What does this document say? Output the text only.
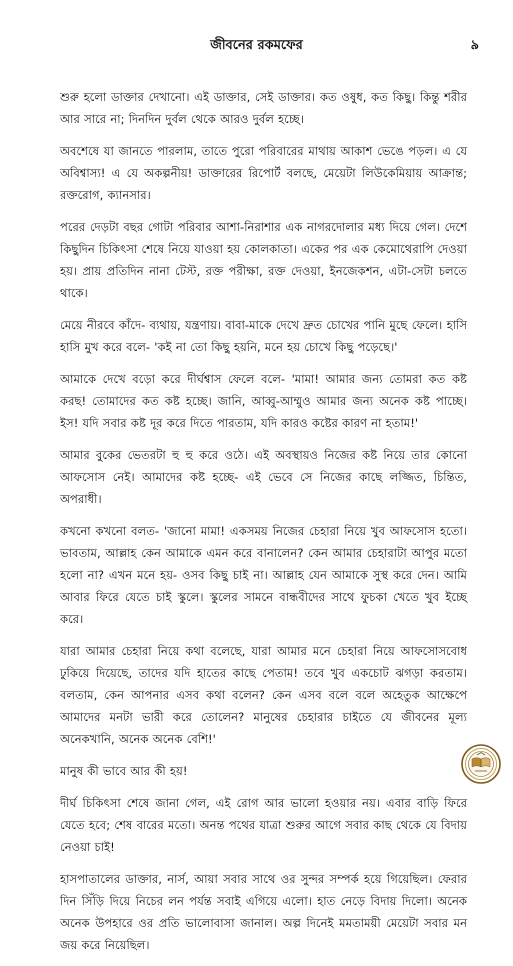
জীবনের রকমফের	৯

শুরু হলো ডাক্তার দেখানো। এই ডাক্তার, সেই ডাক্তার। কত ওষুধ, কত কিছু। কিন্তু শরীর আর সারে না; দিনদিন দুর্বল থেকে আরও দুর্বল হচ্ছে।

অবশেষে যা জানতে পারলাম, তাতে পুরো পরিবারের মাথায় আকাশ ভেঙে পড়ল। এ যে অবিশ্বাস্য! এ যে অকল্পনীয়! ডাক্তারের রিপোর্ট বলছে, মেয়েটা লিউকেমিয়ায় আক্রান্ত; রক্তরোগ, ক্যানসার।

পরের দেড়টা বছর গোটা পরিবার আশা-নিরাশার এক নাগরদোলার মধ্য দিয়ে গেল। দেশে কিছুদিন চিকিৎসা শেষে নিয়ে যাওয়া হয় কোলকাতা। একের পর এক কেমোথেরাপি দেওয়া হয়। প্রায় প্রতিদিন নানা টেস্ট, রক্ত পরীক্ষা, রক্ত দেওয়া, ইনজেকশন, এটা-সেটা চলতে থাকে।

মেয়ে নীরবে কাঁদে- ব্যথায়, যন্ত্রণায়। বাবা-মাকে দেখে দ্রুত চোখের পানি মুছে ফেলে। হাসি হাসি মুখ করে বলে- 'কই না তো কিছু হয়নি, মনে হয় চোখে কিছু পড়েছে।'

আমাকে দেখে বড়ো করে দীর্ঘশ্বাস ফেলে বলে- 'মামা! আমার জন্য তোমরা কত কষ্ট করছ! তোমাদের কত কষ্ট হচ্ছে। জানি, আব্বু-আম্মুও আমার জন্য অনেক কষ্ট পাচ্ছে। ইস! যদি সবার কষ্ট দূর করে দিতে পারতাম, যদি কারও কষ্টের কারণ না হতাম!'

আমার বুকের ভেতরটা হু হু করে ওঠে। এই অবস্থায়ও নিজের কষ্ট নিয়ে তার কোনো আফসোস নেই। আমাদের কষ্ট হচ্ছে- এই ভেবে সে নিজের কাছে লজ্জিত, চিন্তিত, অপরাধী।

কখনো কখনো বলত- 'জানো মামা! একসময় নিজের চেহারা নিয়ে খুব আফসোস হতো। ভাবতাম, আল্লাহ কেন আমাকে এমন করে বানালেন? কেন আমার চেহারাটা আপুর মতো হলো না? এখন মনে হয়- ওসব কিছু চাই না। আল্লাহ যেন আমাকে সুস্থ করে দেন। আমি আবার ফিরে যেতে চাই স্কুলে। স্কুলের সামনে বান্ধবীদের সাথে ফুচকা খেতে খুব ইচ্ছে করে।

যারা আমার চেহারা নিয়ে কথা বলেছে, যারা আমার মনে চেহারা নিয়ে আফসোসবোধ ঢুকিয়ে দিয়েছে, তাদের যদি হাতের কাছে পেতাম! তবে খুব একচোট ঝগড়া করতাম। বলতাম, কেন আপনার এসব কথা বলেন? কেন এসব বলে বলে অহেতুক আক্ষেপে আমাদের মনটা ভারী করে তোলেন? মানুষের চেহারার চাইতে যে জীবনের মূল্য অনেকখানি, অনেক অনেক বেশি!'

মানুষ কী ভাবে আর কী হয়!

দীর্ঘ চিকিৎসা শেষে জানা গেল, এই রোগ আর ভালো হওয়ার নয়। এবার বাড়ি ফিরে যেতে হবে; শেষ বারের মতো। অনন্ত পথের যাত্রা শুরুর আগে সবার কাছ থেকে যে বিদায় নেওয়া চাই!

হাসপাতালের ডাক্তার, নার্স, আয়া সবার সাথে ওর সুন্দর সম্পর্ক হয়ে গিয়েছিল। ফেরার দিন সিঁড়ি দিয়ে নিচের লন পর্যন্ত সবাই এগিয়ে এলো। হাত নেড়ে বিদায় দিলো। অনেক অনেক উপহারে ওর প্রতি ভালোবাসা জানাল। অল্প দিনেই মমতাময়ী মেয়েটা সবার মন জয় করে নিয়েছিল।
